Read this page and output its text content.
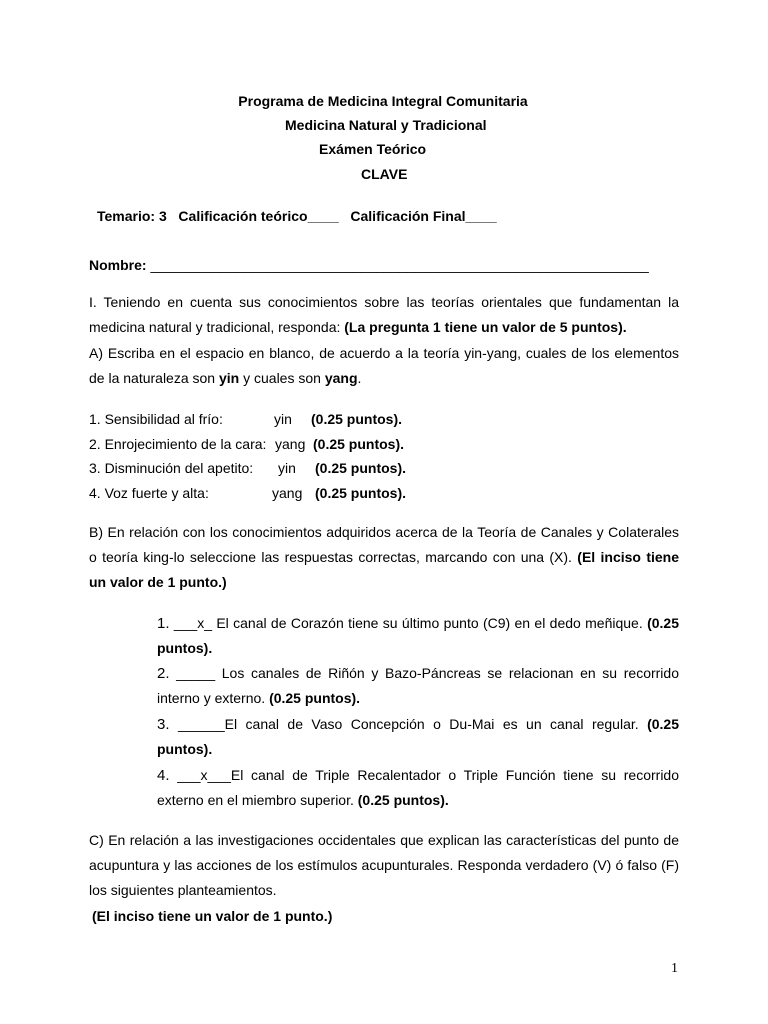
Programa de Medicina Integral Comunitaria
Medicina Natural y Tradicional
Exámen Teórico
CLAVE
Temario: 3   Calificación teórico____   Calificación Final____
Nombre: ________________________________________________________________
I. Teniendo en cuenta sus conocimientos sobre las teorías orientales que fundamentan la medicina natural y tradicional, responda: (La pregunta 1 tiene un valor de 5 puntos).
A) Escriba en el espacio en blanco, de acuerdo a la teoría yin-yang, cuales de los elementos de la naturaleza son yin y cuales son yang.
1. Sensibilidad al frío:	yin (0.25 puntos).
2. Enrojecimiento de la cara: yang (0.25 puntos).
3. Disminución del apetito: yin (0.25 puntos).
4. Voz fuerte y alta:	yang (0.25 puntos).
B) En relación con los conocimientos adquiridos acerca de la Teoría de Canales y Colaterales o teoría king-lo seleccione las respuestas correctas, marcando con una (X). (El inciso tiene un valor de 1 punto.)
1. ___x_ El canal de Corazón tiene su último punto (C9) en el dedo meñique. (0.25 puntos).
2. _____ Los canales de Riñón y Bazo-Páncreas se relacionan en su recorrido interno y externo. (0.25 puntos).
3. ______El canal de Vaso Concepción o Du-Mai es un canal regular. (0.25 puntos).
4. ___x___El canal de Triple Recalentador o Triple Función tiene su recorrido externo en el miembro superior. (0.25 puntos).
C) En relación a las investigaciones occidentales que explican las características del punto de acupuntura y las acciones de los estímulos acupunturales. Responda verdadero (V) ó falso (F) los siguientes planteamientos.
(El inciso tiene un valor de 1 punto.)
1
